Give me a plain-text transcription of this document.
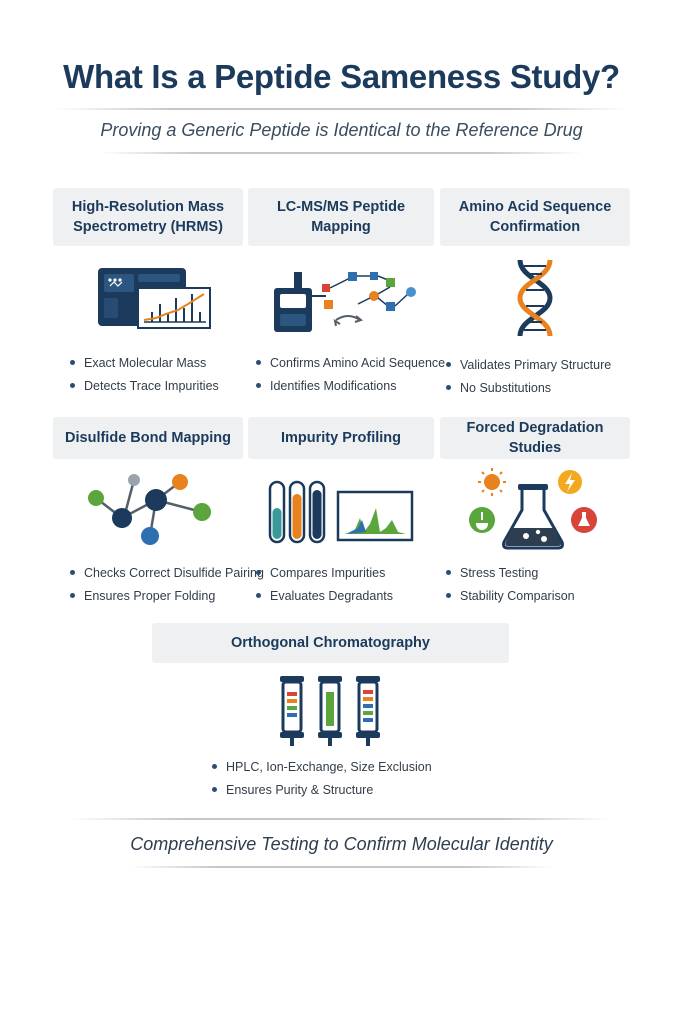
What Is a Peptide Sameness Study?
Proving a Generic Peptide is Identical to the Reference Drug
High-Resolution Mass Spectrometry (HRMS)
Exact Molecular Mass
Detects Trace Impurities
LC-MS/MS Peptide Mapping
Confirms Amino Acid Sequence
Identifies Modifications
Amino Acid Sequence Confirmation
Validates Primary Structure
No Substitutions
Disulfide Bond Mapping
Checks Correct Disulfide Pairing
Ensures Proper Folding
Impurity Profiling
Compares Impurities
Evaluates Degradants
Forced Degradation Studies
Stress Testing
Stability Comparison
Orthogonal Chromatography
HPLC, Ion-Exchange, Size Exclusion
Ensures Purity & Structure
Comprehensive Testing to Confirm Molecular Identity
